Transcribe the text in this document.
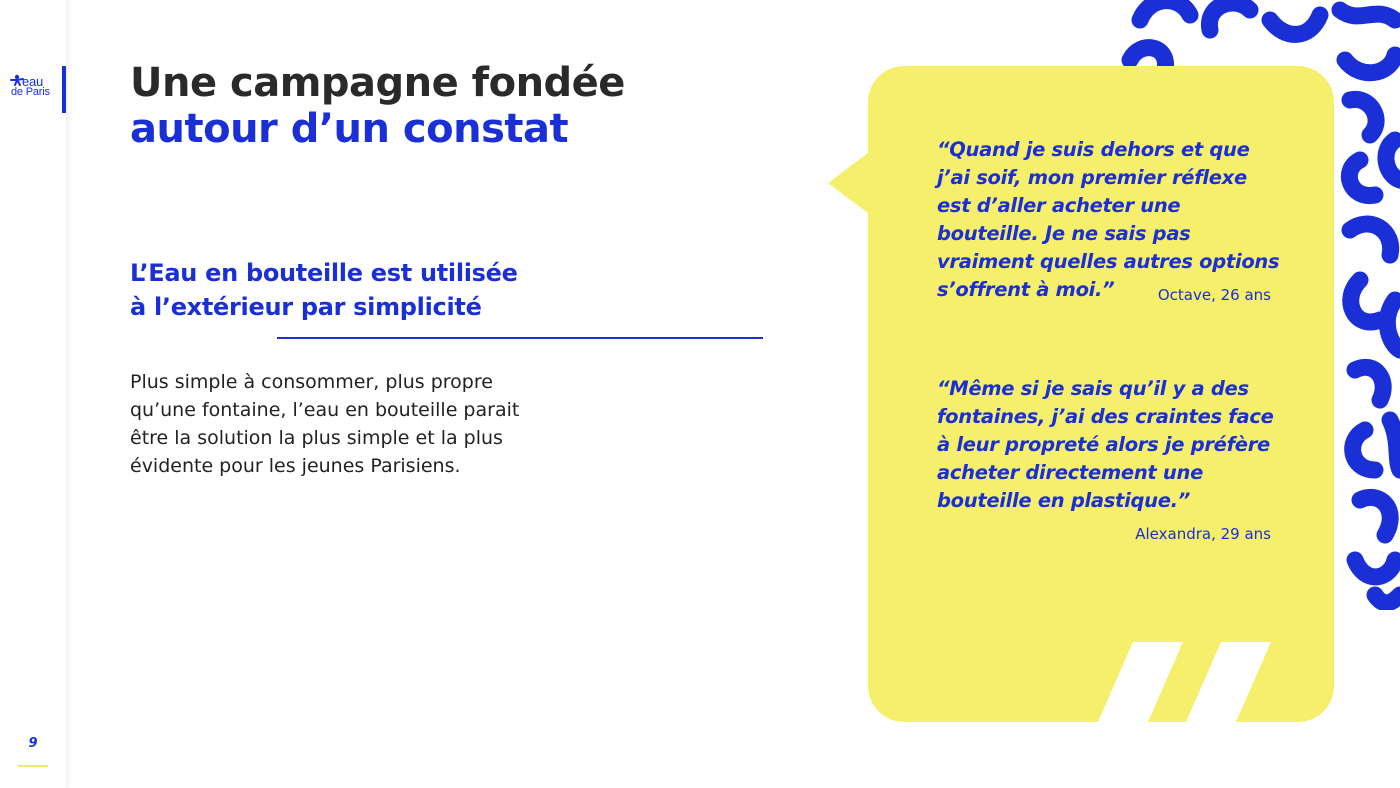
eau
de Paris
9
Une campagne fondée
autour d’un constat
L’Eau en bouteille est utilisée
à l’extérieur par simplicité

Plus simple à consommer, plus propre qu’une fontaine, l’eau en bouteille parait être la solution la plus simple et la plus évidente pour les jeunes Parisiens.

“Quand je suis dehors et que j’ai soif, mon premier réflexe est d’aller acheter une bouteille. Je ne sais pas vraiment quelles autres options s’offrent à moi.”	Octave, 26 ans

“Même si je sais qu’il y a des fontaines, j’ai des craintes face à leur propreté alors je préfère acheter directement une bouteille en plastique.”

Alexandra, 29 ans
